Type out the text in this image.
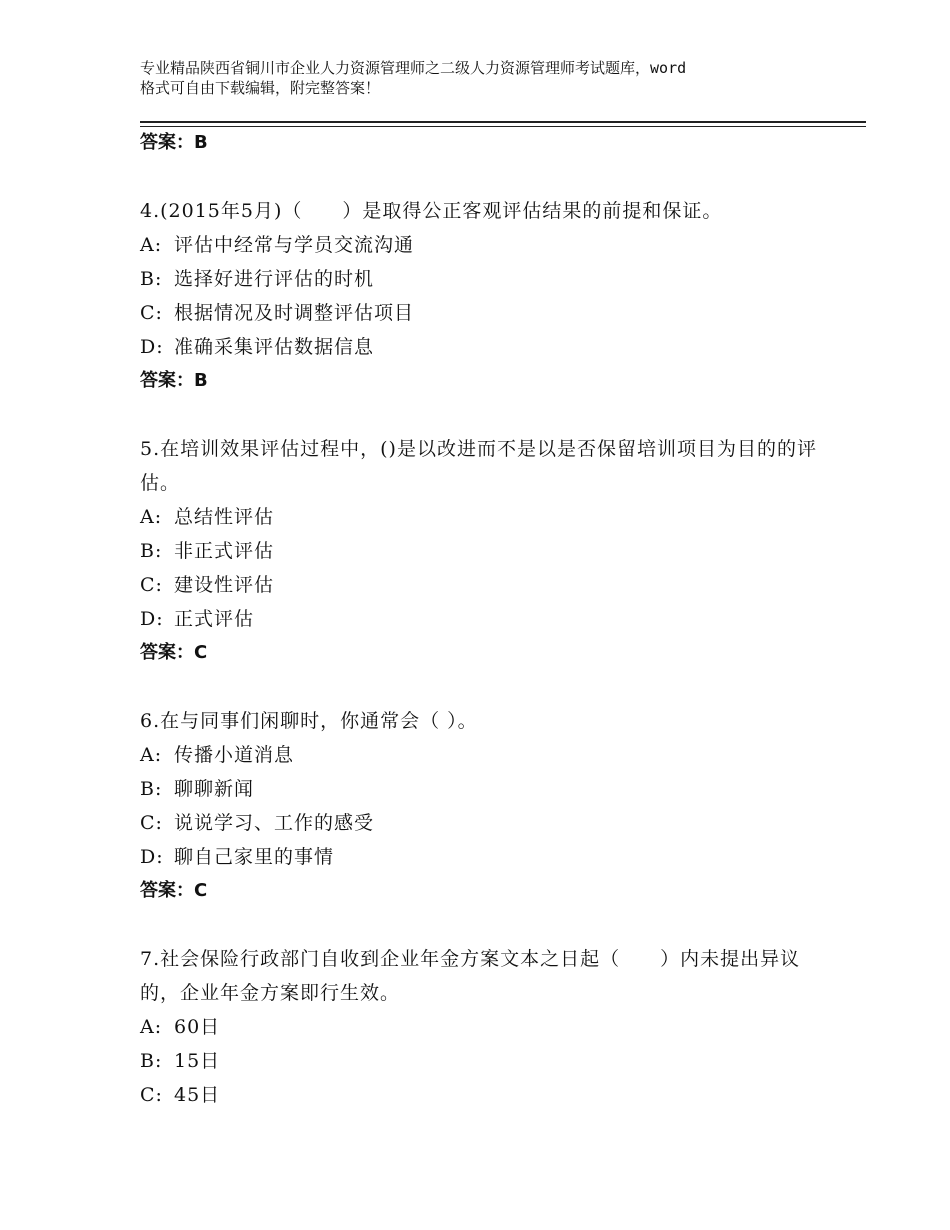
专业精品陕西省铜川市企业人力资源管理师之二级人力资源管理师考试题库，word
格式可自由下载编辑，附完整答案！
答案：B
4.(2015年5月)（　　）是取得公正客观评估结果的前提和保证。
A: 评估中经常与学员交流沟通
B: 选择好进行评估的时机
C: 根据情况及时调整评估项目
D: 准确采集评估数据信息
答案：B
5.在培训效果评估过程中，()是以改进而不是以是否保留培训项目为目的的评估。
A: 总结性评估
B: 非正式评估
C: 建设性评估
D: 正式评估
答案：C
6.在与同事们闲聊时，你通常会（ ）。
A: 传播小道消息
B: 聊聊新闻
C: 说说学习、工作的感受
D: 聊自己家里的事情
答案：C
7.社会保险行政部门自收到企业年金方案文本之日起（　　）内未提出异议的，企业年金方案即行生效。
A: 60日
B: 15日
C: 45日
